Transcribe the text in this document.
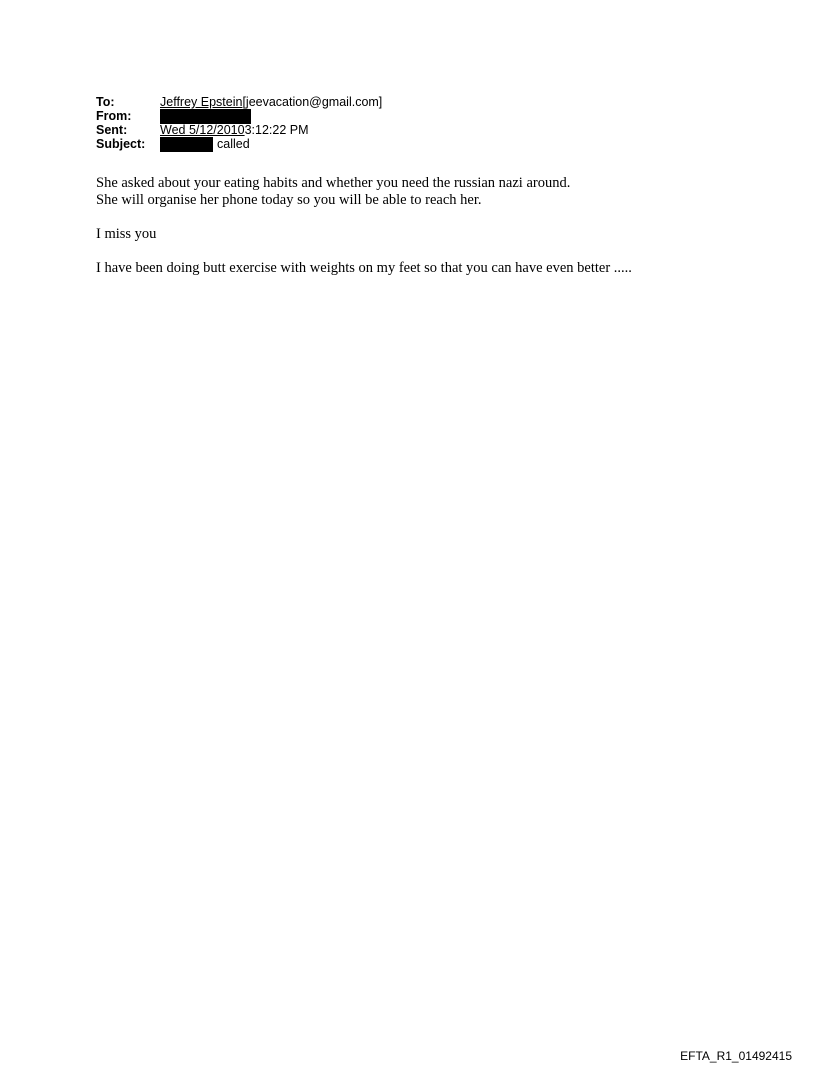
To:	Jeffrey Epstein [jeevacation@gmail.com]
From:
Sent:	Wed 5/12/2010 3:12:22 PM
Subject:	called

She asked about your eating habits and whether you need the russian nazi around.

She will organise her phone today so you will be able to reach her.

I miss you

I have been doing butt exercise with weights on my feet so that you can have even better .....

EFTA_R1_01492415
